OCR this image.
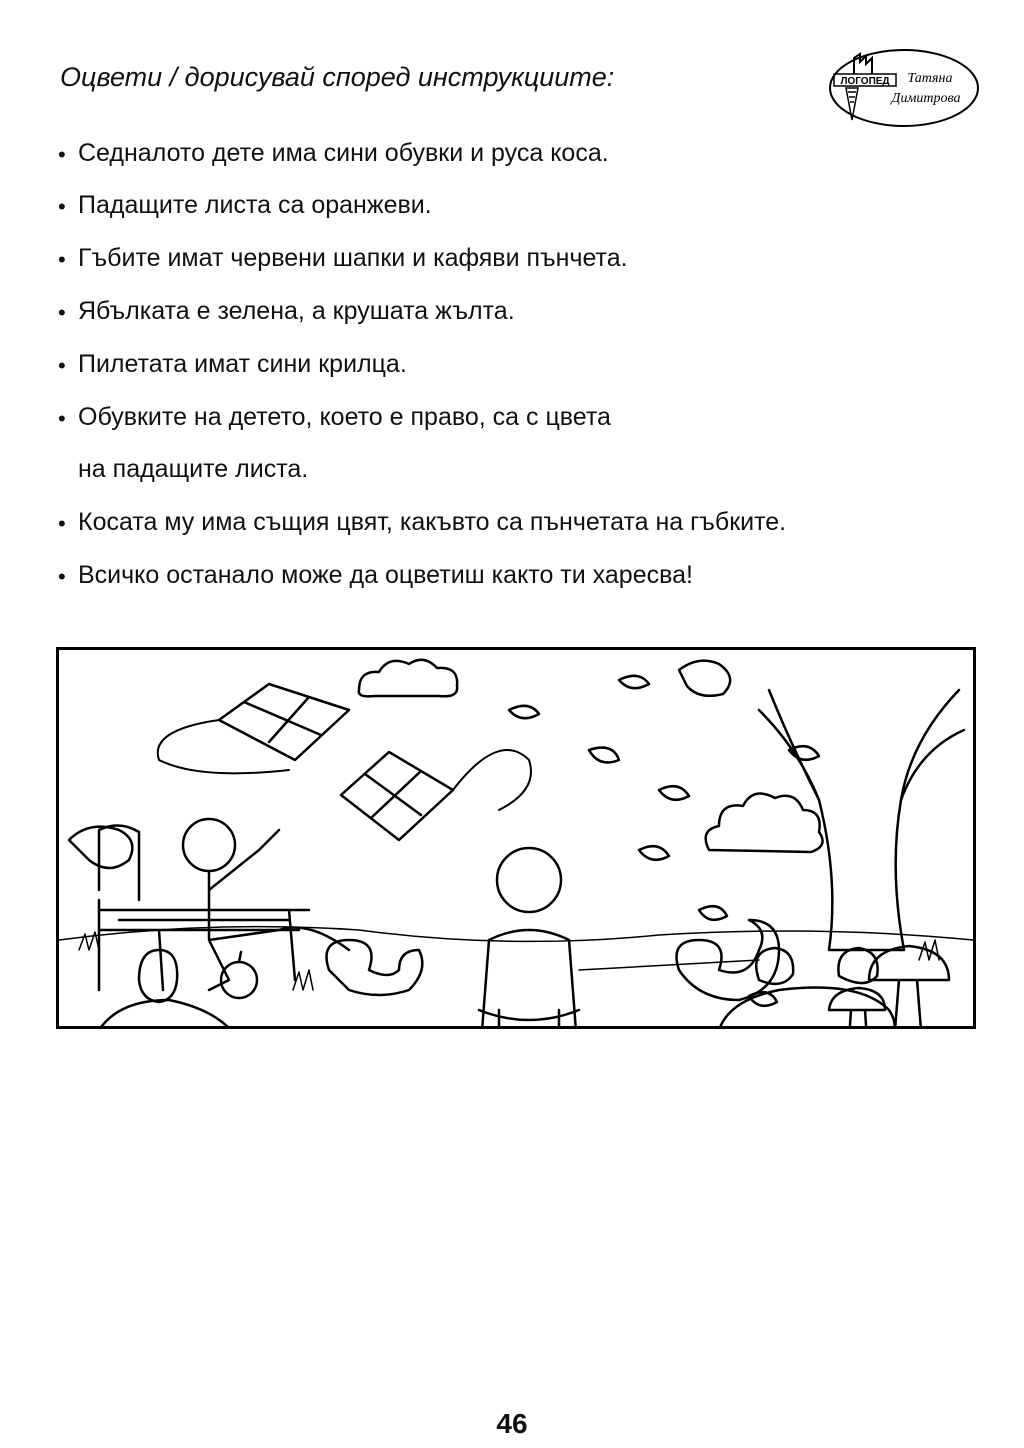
Оцвети / дорисувай според инструкциите:	ЛОГОПЕД Татяна
Димитрова
• Седналото дете има сини обувки и руса коса.
• Падащите листа са оранжеви.
• Гъбите имат червени шапки и кафяви пънчета.
• Ябълката е зелена, а крушата жълта.
• Пилетата имат сини крилца.
• Обувките на детето, което е право, са с цвета
на падащите листа.
• Косата му има същия цвят, какъвто са пънчетата на гъбките.
• Всичко останало може да оцветиш както ти харесва!
46
